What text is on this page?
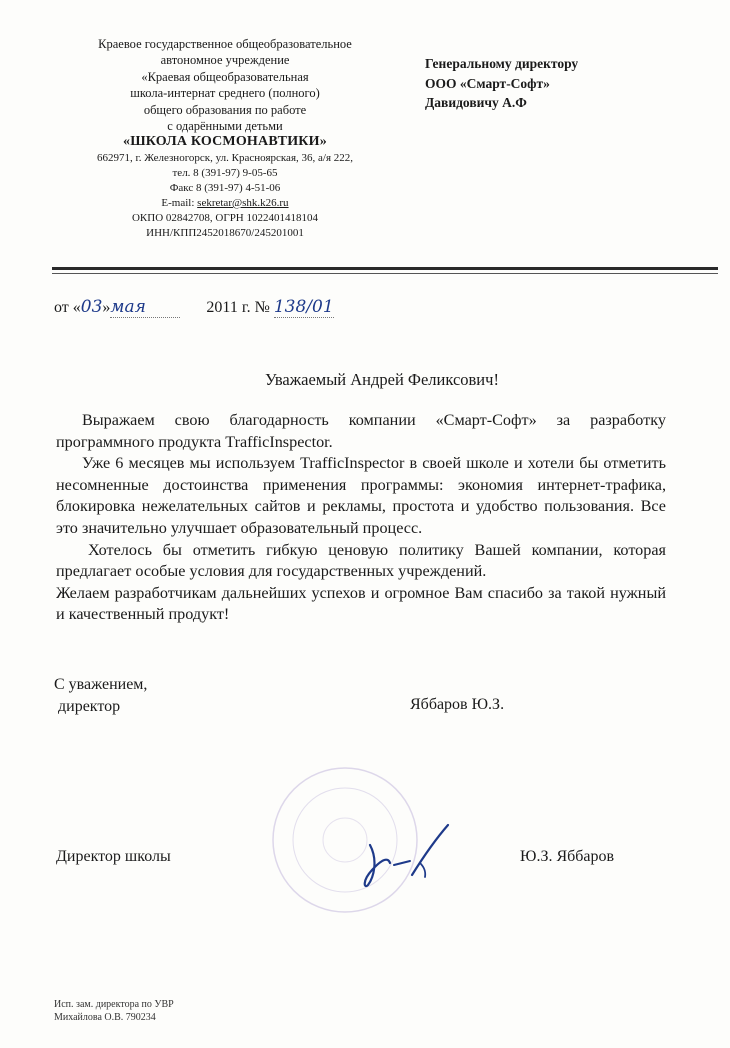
Краевое государственное общеобразовательное
автономное учреждение
«Краевая общеобразовательная
школа-интернат среднего (полного)
общего образования по работе
с одарёнными детьми
«ШКОЛА КОСМОНАВТИКИ»
662971, г. Железногорск, ул. Красноярская, 36, а/я 222,
тел. 8 (391-97) 9-05-65
Факс 8 (391-97) 4-51-06
E-mail: sekretar@shk.k26.ru
ОКПО 02842708, ОГРН 1022401418104
ИНН/КПП2452018670/245201001
Генеральному директору
ООО «Смарт-Софт»
Давидовичу А.Ф
от «03»мая	2011 г. № 138/01
Уважаемый Андрей Феликсович!

Выражаем свою благодарность компании «Смарт-Софт» за разработку программного продукта TrafficInspector.

Уже 6 месяцев мы используем TrafficInspector в своей школе и хотели бы отметить несомненные достоинства применения программы: экономия интернет-трафика, блокировка нежелательных сайтов и рекламы, простота и удобство пользования. Все это значительно улучшает образовательный процесс.

Хотелось бы отметить гибкую ценовую политику Вашей компании, которая предлагает особые условия для государственных учреждений.

Желаем разработчикам дальнейших успехов и огромное Вам спасибо за такой нужный и качественный продукт!

С уважением,
директор	Яббаров Ю.З.
Директор школы	Ю.З. Яббаров
Исп. зам. директора по УВР
Михайлова О.В. 790234
